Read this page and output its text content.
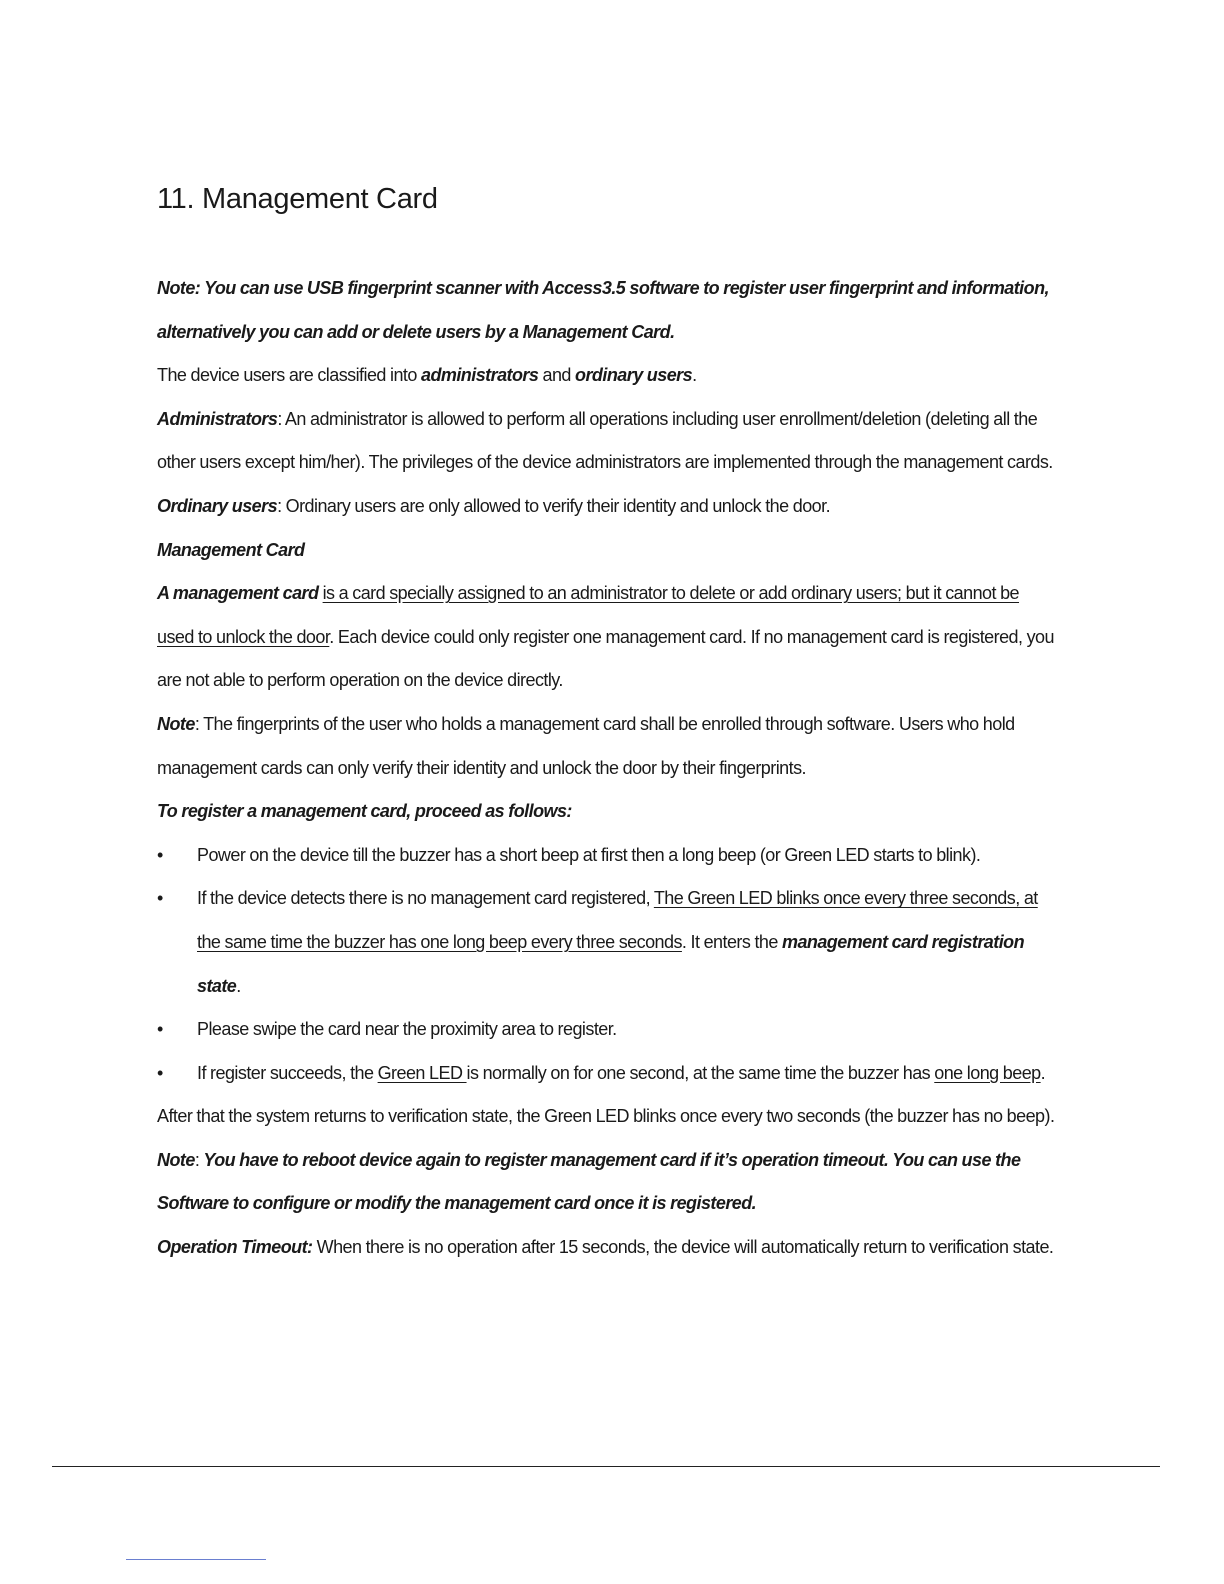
11. Management Card

Note: You can use USB fingerprint scanner with Access3.5 software to register user fingerprint and information,
alternatively you can add or delete users by a Management Card.

The device users are classified into administrators and ordinary users.

Administrators: An administrator is allowed to perform all operations including user enrollment/deletion (deleting all the other users except him/her). The privileges of the device administrators are implemented through the management cards.

Ordinary users: Ordinary users are only allowed to verify their identity and unlock the door.

Management Card

A management card is a card specially assigned to an administrator to delete or add ordinary users; but it cannot be used to unlock the door. Each device could only register one management card. If no management card is registered, you are not able to perform operation on the device directly.

Note: The fingerprints of the user who holds a management card shall be enrolled through software. Users who hold management cards can only verify their identity and unlock the door by their fingerprints.

To register a management card, proceed as follows:

• Power on the device till the buzzer has a short beep at first then a long beep (or Green LED starts to blink).

• If the device detects there is no management card registered, The Green LED blinks once every three seconds, at the same time the buzzer has one long beep every three seconds. It enters the management card registration state.

• Please swipe the card near the proximity area to register.

• If register succeeds, the Green LED is normally on for one second, at the same time the buzzer has one long beep.

After that the system returns to verification state, the Green LED blinks once every two seconds (the buzzer has no beep).

Note: You have to reboot device again to register management card if it’s operation timeout. You can use the Software to configure or modify the management card once it is registered.

Operation Timeout: When there is no operation after 15 seconds, the device will automatically return to verification state.
